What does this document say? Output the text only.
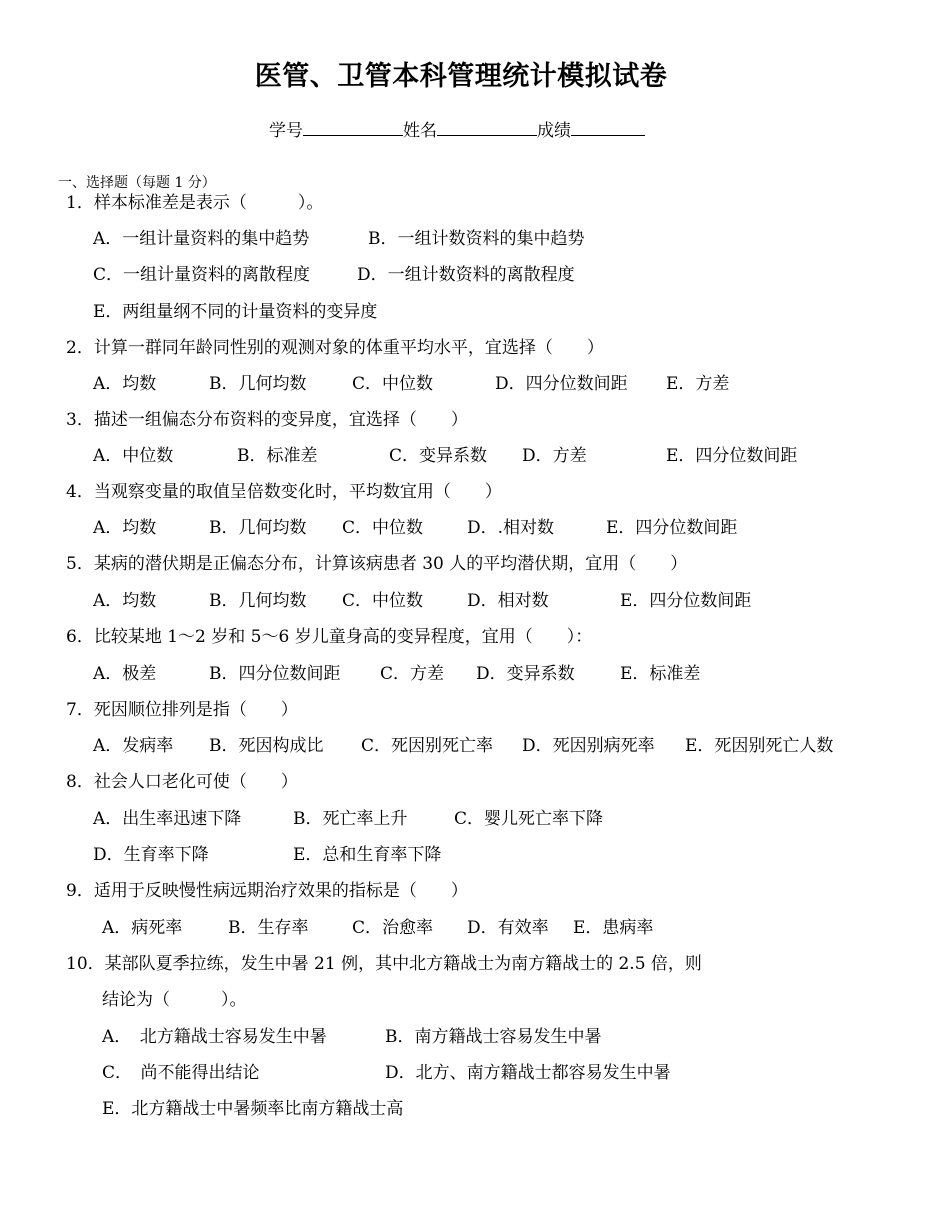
医管、卫管本科管理统计模拟试卷
学号	姓名	成绩
一、选择题（每题 1 分）
1．样本标准差是表示（　　　）。
A．一组计量资料的集中趋势	B．一组计数资料的集中趋势
C．一组计量资料的离散程度	D．一组计数资料的离散程度
E．两组量纲不同的计量资料的变异度
2．计算一群同年龄同性别的观测对象的体重平均水平，宜选择（　　）
A．均数	B．几何均数	C．中位数	D．四分位数间距 E．方差
3．描述一组偏态分布资料的变异度，宜选择（　　）
A．中位数	B．标准差	C．变异系数 D．方差	E．四分位数间距
4．当观察变量的取值呈倍数变化时，平均数宜用（　　）
A．均数	B．几何均数 C．中位数	D．.相对数	E．四分位数间距
5．某病的潜伏期是正偏态分布，计算该病患者 30 人的平均潜伏期，宜用（　　）
A．均数	B．几何均数 C．中位数	D．相对数	E．四分位数间距
6．比较某地 1～2 岁和 5～6 岁儿童身高的变异程度，宜用（　　）：
A．极差	B．四分位数间距 C．方差 D．变异系数	E．标准差
7．死因顺位排列是指（　　）
A．发病率 B．死因构成比 C．死因别死亡率 D．死因别病死率 E．死因别死亡人数
8．社会人口老化可使（　　）
A．出生率迅速下降	B．死亡率上升	C．婴儿死亡率下降
D．生育率下降	E．总和生育率下降
9．适用于反映慢性病远期治疗效果的指标是（　　）
A．病死率	B．生存率	C．治愈率 D．有效率 E．患病率
10．某部队夏季拉练，发生中暑 21 例，其中北方籍战士为南方籍战士的 2.5 倍，则
结论为（　　　）。
A．　北方籍战士容易发生中暑	B．南方籍战士容易发生中暑
C．　尚不能得出结论	D．北方、南方籍战士都容易发生中暑
E．北方籍战士中暑频率比南方籍战士高
